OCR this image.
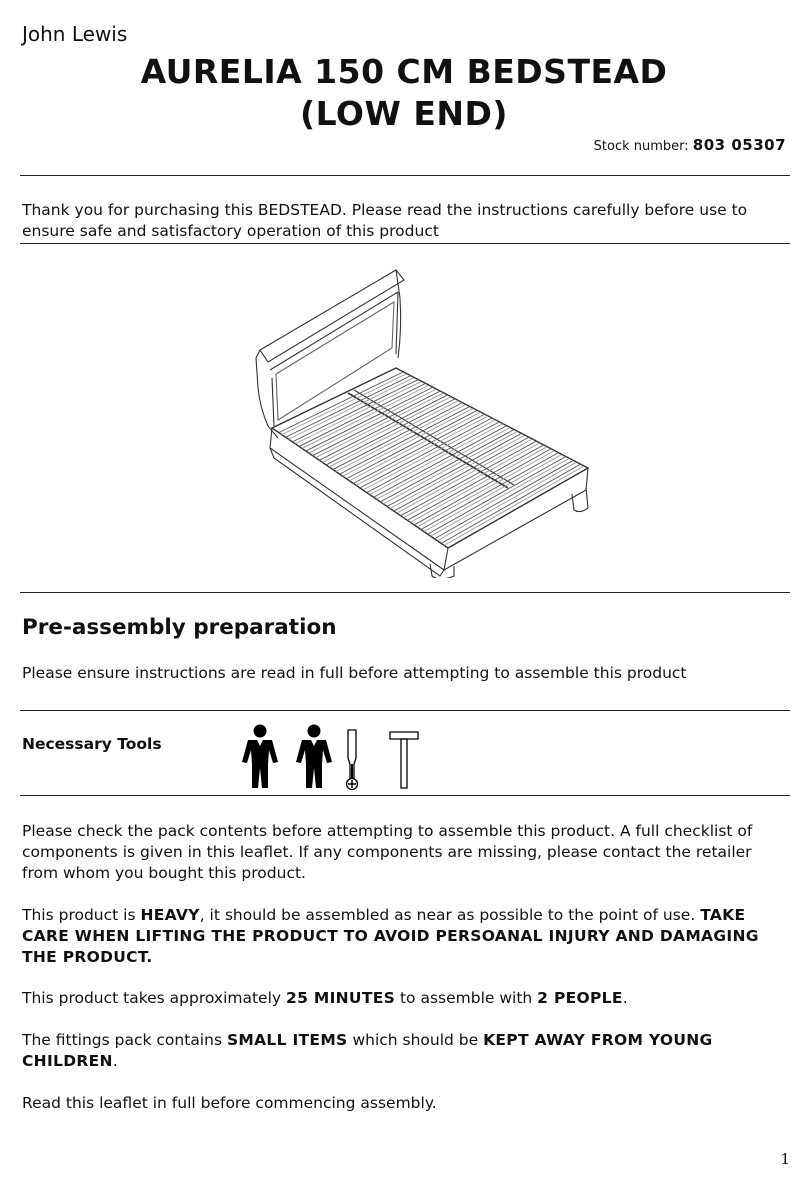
John Lewis
AURELIA 150 CM BEDSTEAD
(LOW END)
Stock number: 803 05307
Thank you for purchasing this BEDSTEAD. Please read the instructions carefully before use to ensure safe and satisfactory operation of this product
Pre-assembly preparation
Please ensure instructions are read in full before attempting to assemble this product
Necessary Tools
Please check the pack contents before attempting to assemble this product. A full checklist of components is given in this leaflet. If any components are missing, please contact the retailer from whom you bought this product.
This product is HEAVY, it should be assembled as near as possible to the point of use. TAKE CARE WHEN LIFTING THE PRODUCT TO AVOID PERSOANAL INJURY AND DAMAGING THE PRODUCT.
This product takes approximately 25 MINUTES to assemble with 2 PEOPLE.
The fittings pack contains SMALL ITEMS which should be KEPT AWAY FROM YOUNG CHILDREN.
Read this leaflet in full before commencing assembly.
1
